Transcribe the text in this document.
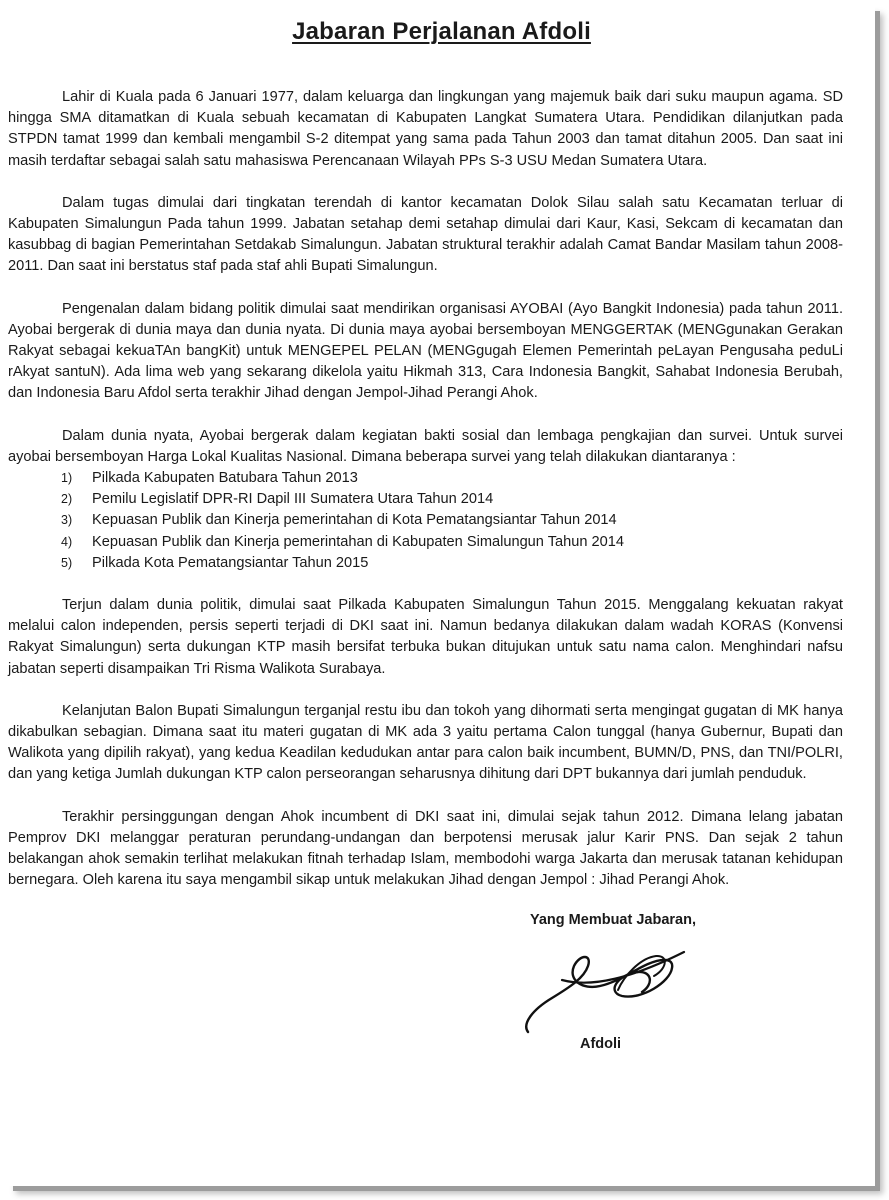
Jabaran Perjalanan Afdoli

Lahir di Kuala pada 6 Januari 1977, dalam keluarga dan lingkungan yang majemuk baik dari suku maupun agama. SD hingga SMA ditamatkan di Kuala sebuah kecamatan di Kabupaten Langkat Sumatera Utara. Pendidikan dilanjutkan pada STPDN tamat 1999 dan kembali mengambil S-2 ditempat yang sama pada Tahun 2003 dan tamat ditahun 2005. Dan saat ini masih terdaftar sebagai salah satu mahasiswa Perencanaan Wilayah PPs S-3 USU Medan Sumatera Utara.

Dalam tugas dimulai dari tingkatan terendah di kantor kecamatan Dolok Silau salah satu Kecamatan terluar di Kabupaten Simalungun Pada tahun 1999. Jabatan setahap demi setahap dimulai dari Kaur, Kasi, Sekcam di kecamatan dan kasubbag di bagian Pemerintahan Setdakab Simalungun. Jabatan struktural terakhir adalah Camat Bandar Masilam tahun 2008-2011. Dan saat ini berstatus staf pada staf ahli Bupati Simalungun.

Pengenalan dalam bidang politik dimulai saat mendirikan organisasi AYOBAI (Ayo Bangkit Indonesia) pada tahun 2011. Ayobai bergerak di dunia maya dan dunia nyata. Di dunia maya ayobai bersemboyan MENGGERTAK (MENGgunakan Gerakan Rakyat sebagai kekuaTAn bangKit) untuk MENGEPEL PELAN (MENGgugah Elemen Pemerintah peLayan Pengusaha peduLi rAkyat santuN). Ada lima web yang sekarang dikelola yaitu Hikmah 313, Cara Indonesia Bangkit, Sahabat Indonesia Berubah, dan Indonesia Baru Afdol serta terakhir Jihad dengan Jempol-Jihad Perangi Ahok.

Dalam dunia nyata, Ayobai bergerak dalam kegiatan bakti sosial dan lembaga pengkajian dan survei. Untuk survei ayobai bersemboyan Harga Lokal Kualitas Nasional. Dimana beberapa survei yang telah dilakukan diantaranya :

1) Pilkada Kabupaten Batubara Tahun 2013
2) Pemilu Legislatif DPR-RI Dapil III Sumatera Utara Tahun 2014
3) Kepuasan Publik dan Kinerja pemerintahan di Kota Pematangsiantar Tahun 2014
4) Kepuasan Publik dan Kinerja pemerintahan di Kabupaten Simalungun Tahun 2014
5) Pilkada Kota Pematangsiantar Tahun 2015

Terjun dalam dunia politik, dimulai saat Pilkada Kabupaten Simalungun Tahun 2015. Menggalang kekuatan rakyat melalui calon independen, persis seperti terjadi di DKI saat ini. Namun bedanya dilakukan dalam wadah KORAS (Konvensi Rakyat Simalungun) serta dukungan KTP masih bersifat terbuka bukan ditujukan untuk satu nama calon. Menghindari nafsu jabatan seperti disampaikan Tri Risma Walikota Surabaya.

Kelanjutan Balon Bupati Simalungun terganjal restu ibu dan tokoh yang dihormati serta mengingat gugatan di MK hanya dikabulkan sebagian. Dimana saat itu materi gugatan di MK ada 3 yaitu pertama Calon tunggal (hanya Gubernur, Bupati dan Walikota yang dipilih rakyat), yang kedua Keadilan kedudukan antar para calon baik incumbent, BUMN/D, PNS, dan TNI/POLRI, dan yang ketiga Jumlah dukungan KTP calon perseorangan seharusnya dihitung dari DPT bukannya dari jumlah penduduk.

Terakhir persinggungan dengan Ahok incumbent di DKI saat ini, dimulai sejak tahun 2012. Dimana lelang jabatan Pemprov DKI melanggar peraturan perundang-undangan dan berpotensi merusak jalur Karir PNS. Dan sejak 2 tahun belakangan ahok semakin terlihat melakukan fitnah terhadap Islam, membodohi warga Jakarta dan merusak tatanan kehidupan bernegara. Oleh karena itu saya mengambil sikap untuk melakukan Jihad dengan Jempol : Jihad Perangi Ahok.

Yang Membuat Jabaran,
Afdoli
